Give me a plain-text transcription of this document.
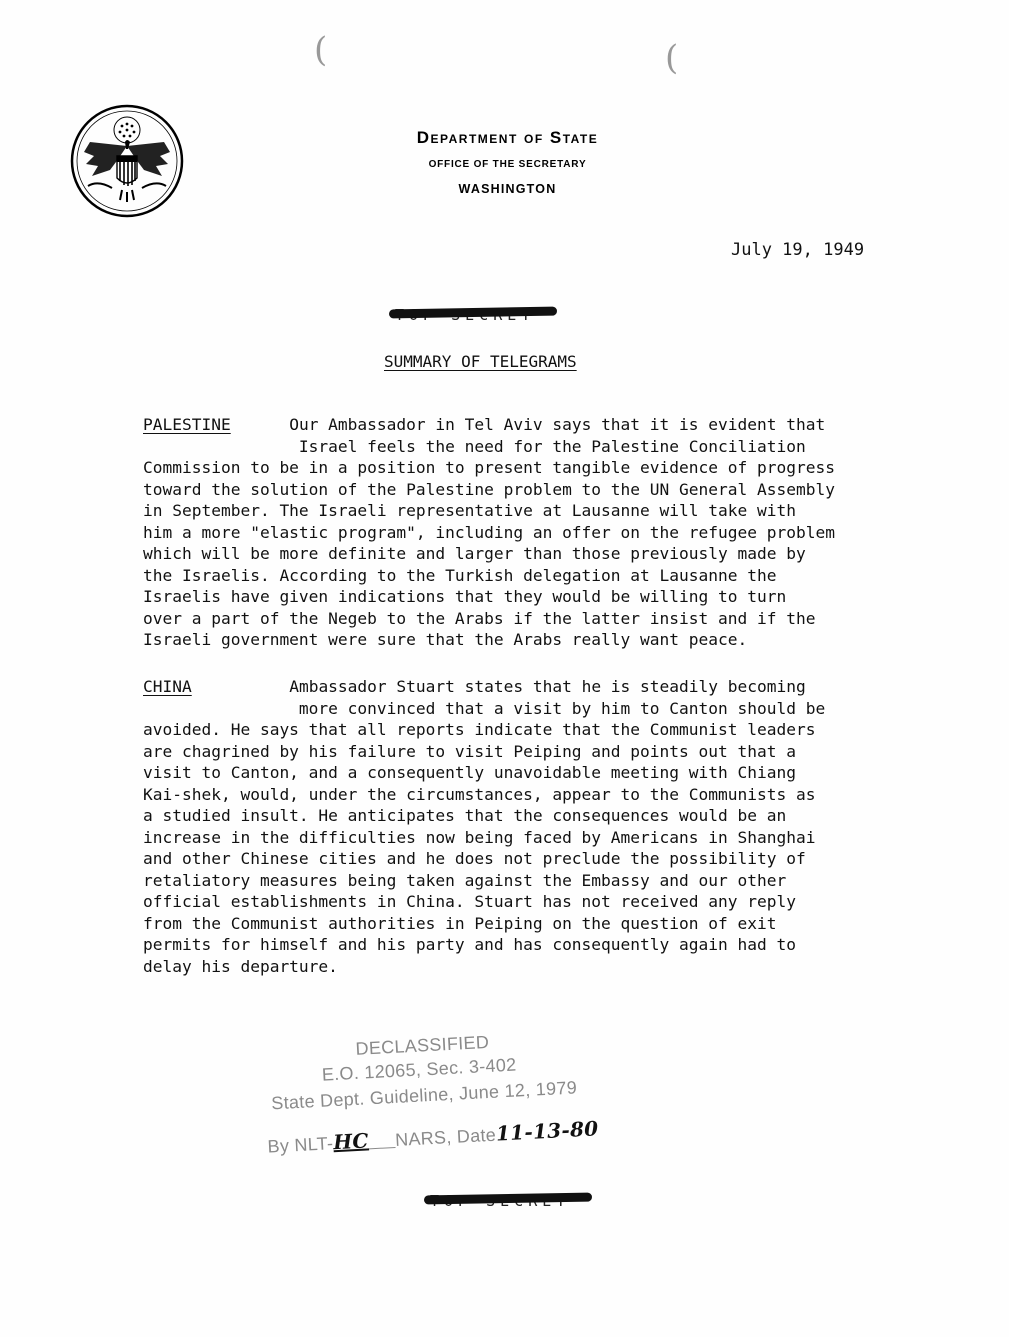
(	(
Department of State
OFFICE OF THE SECRETARY
WASHINGTON
July 19, 1949
SUMMARY OF TELEGRAMS
PALESTINE	Our Ambassador in Tel Aviv says that it is evident that
Israel feels the need for the Palestine Conciliation
Commission to be in a position to present tangible evidence of progress
toward the solution of the Palestine problem to the UN General Assembly
in September. The Israeli representative at Lausanne will take with
him a more "elastic program", including an offer on the refugee problem
which will be more definite and larger than those previously made by
the Israelis. According to the Turkish delegation at Lausanne the
Israelis have given indications that they would be willing to turn
over a part of the Negeb to the Arabs if the latter insist and if the
Israeli government were sure that the Arabs really want peace.
CHINA	Ambassador Stuart states that he is steadily becoming
more convinced that a visit by him to Canton should be
avoided. He says that all reports indicate that the Communist leaders
are chagrined by his failure to visit Peiping and points out that a
visit to Canton, and a consequently unavoidable meeting with Chiang
Kai-shek, would, under the circumstances, appear to the Communists as
a studied insult. He anticipates that the consequences would be an
increase in the difficulties now being faced by Americans in Shanghai
and other Chinese cities and he does not preclude the possibility of
retaliatory measures being taken against the Embassy and our other
official establishments in China. Stuart has not received any reply
from the Communist authorities in Peiping on the question of exit
permits for himself and his party and has consequently again had to
delay his departure.
DECLASSIFIED
E.O. 12065, Sec. 3-402
State Dept. Guideline, June 12, 1979
By NLT-HC NARS, Date11-13-80
